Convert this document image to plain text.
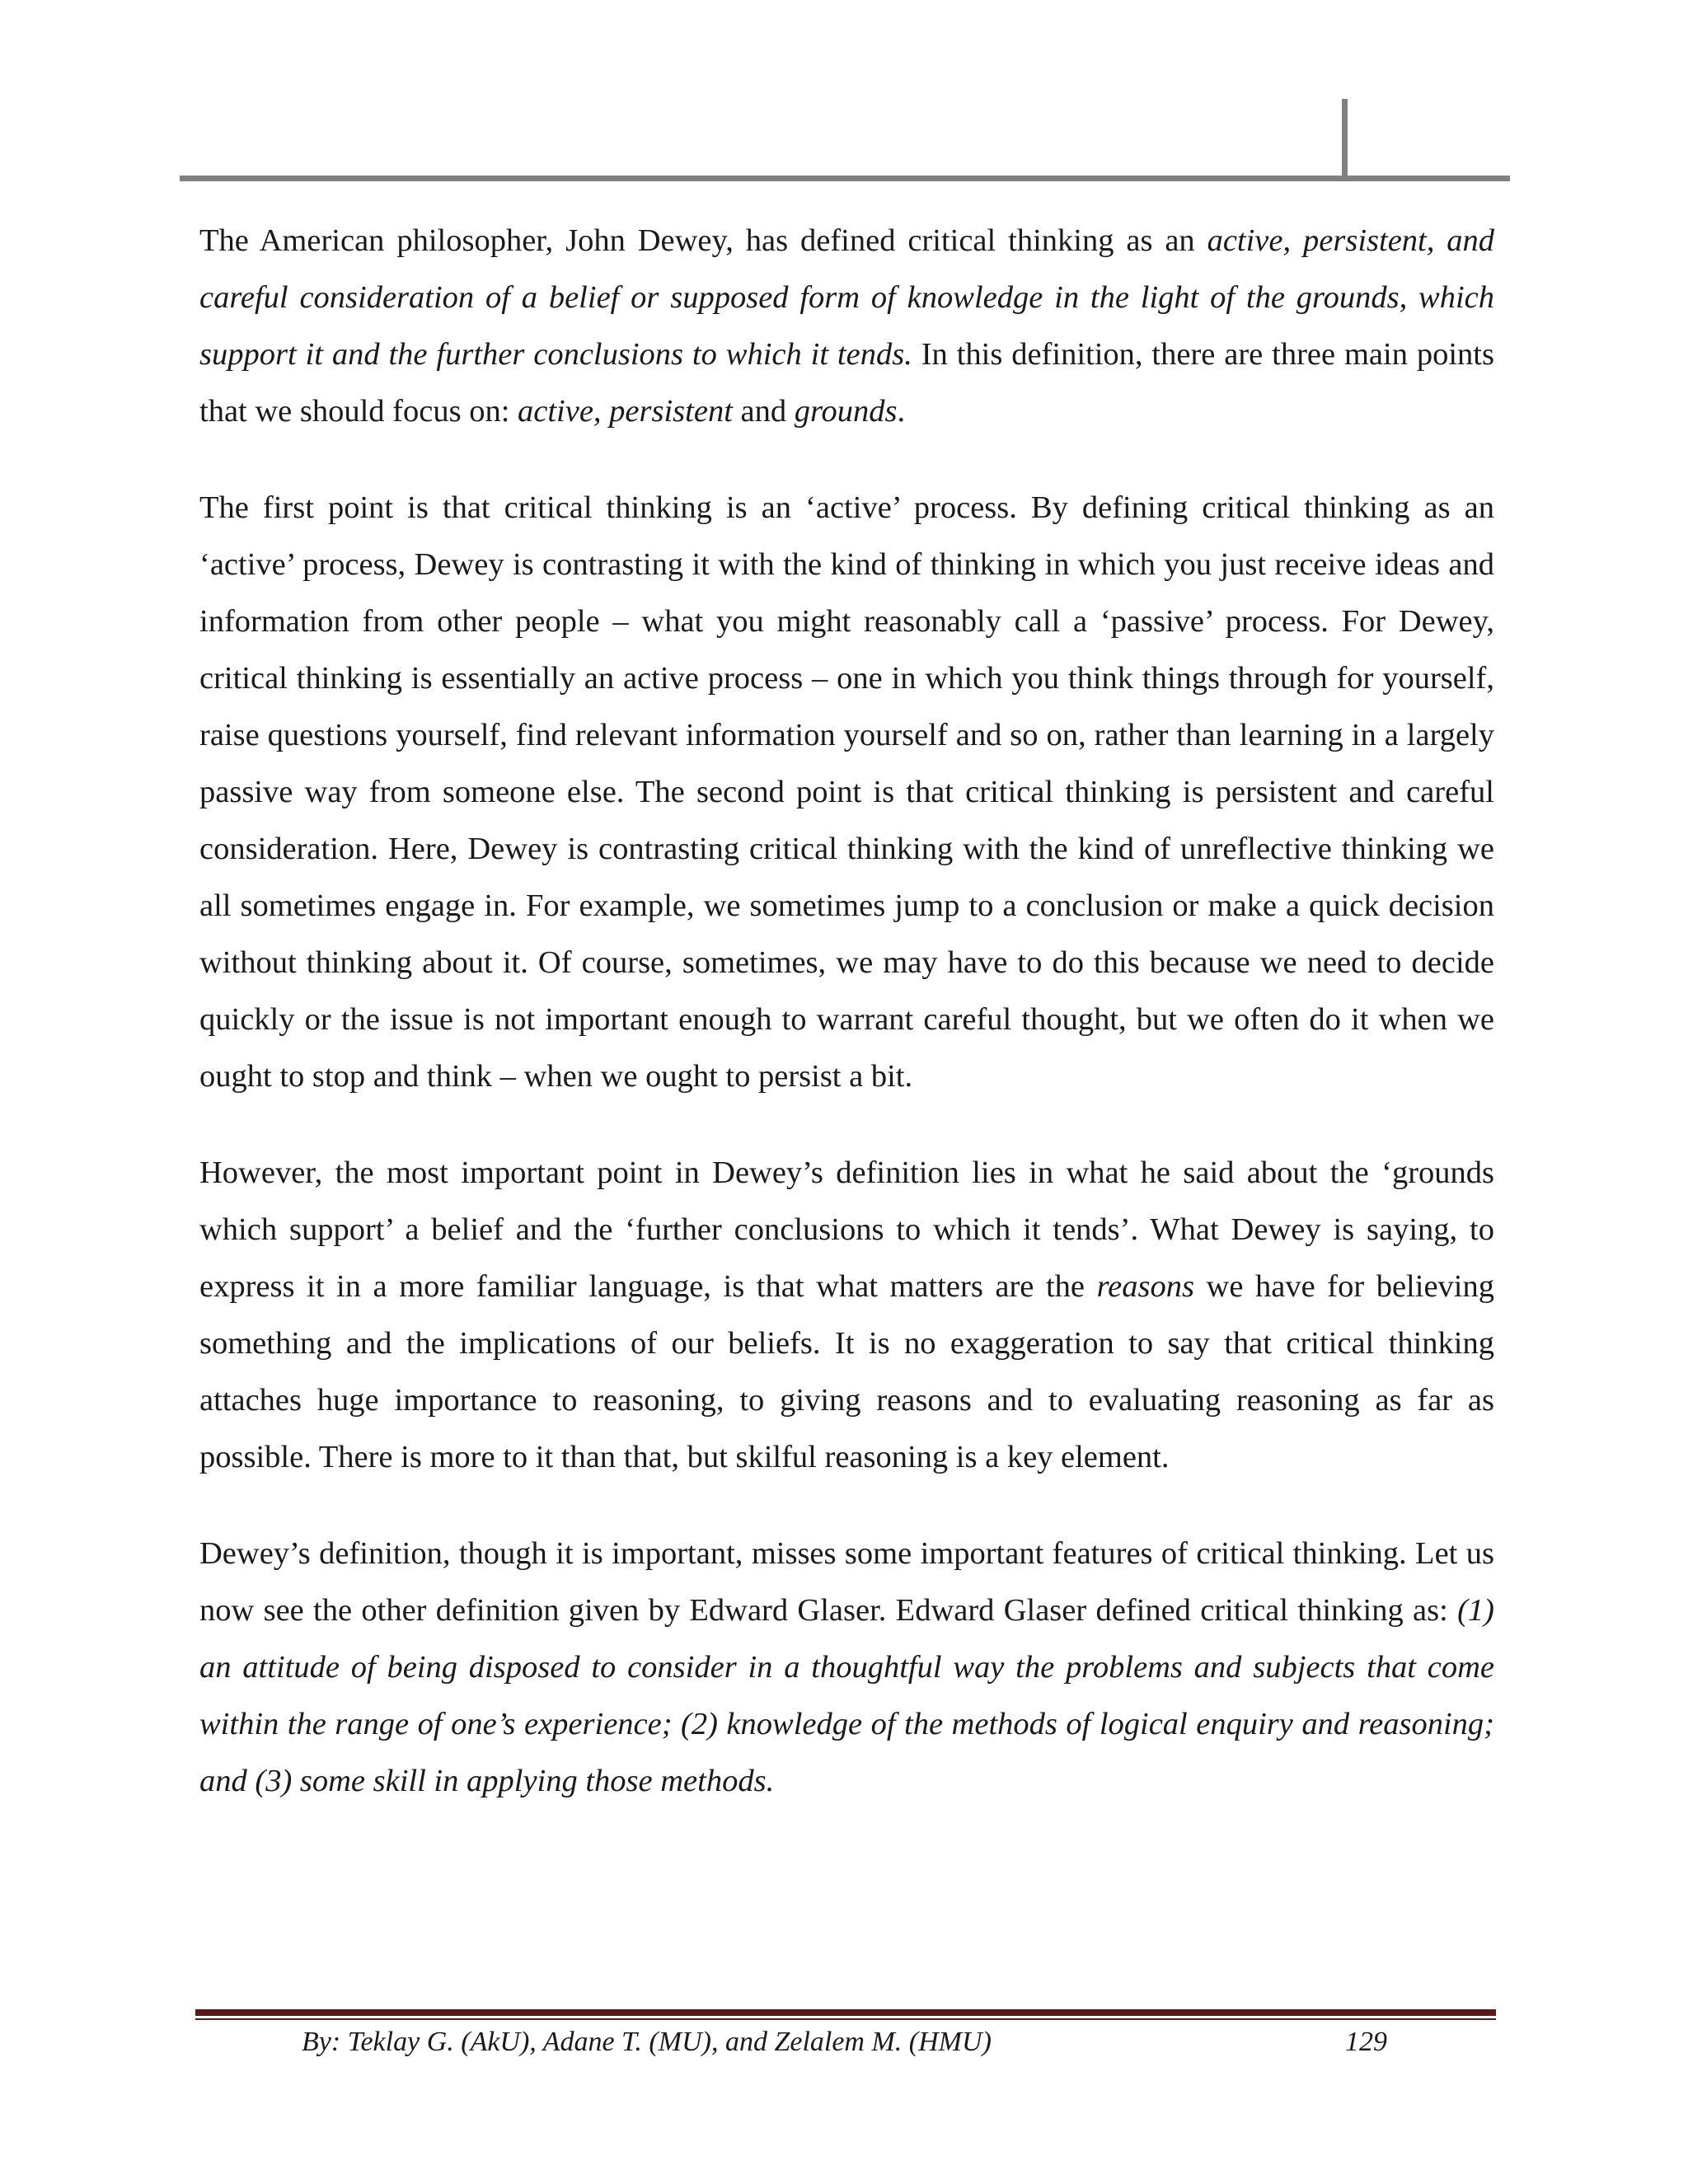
The American philosopher, John Dewey, has defined critical thinking as an active, persistent, and careful consideration of a belief or supposed form of knowledge in the light of the grounds, which support it and the further conclusions to which it tends. In this definition, there are three main points that we should focus on: active, persistent and grounds.

The first point is that critical thinking is an ‘active’ process. By defining critical thinking as an ‘active’ process, Dewey is contrasting it with the kind of thinking in which you just receive ideas and information from other people – what you might reasonably call a ‘passive’ process. For Dewey, critical thinking is essentially an active process – one in which you think things through for yourself, raise questions yourself, find relevant information yourself and so on, rather than learning in a largely passive way from someone else. The second point is that critical thinking is persistent and careful consideration. Here, Dewey is contrasting critical thinking with the kind of unreflective thinking we all sometimes engage in. For example, we sometimes jump to a conclusion or make a quick decision without thinking about it. Of course, sometimes, we may have to do this because we need to decide quickly or the issue is not important enough to warrant careful thought, but we often do it when we ought to stop and think – when we ought to persist a bit.

However, the most important point in Dewey’s definition lies in what he said about the ‘grounds which support’ a belief and the ‘further conclusions to which it tends’. What Dewey is saying, to express it in a more familiar language, is that what matters are the reasons we have for believing something and the implications of our beliefs. It is no exaggeration to say that critical thinking attaches huge importance to reasoning, to giving reasons and to evaluating reasoning as far as possible. There is more to it than that, but skilful reasoning is a key element.

Dewey’s definition, though it is important, misses some important features of critical thinking. Let us now see the other definition given by Edward Glaser. Edward Glaser defined critical thinking as: (1) an attitude of being disposed to consider in a thoughtful way the problems and subjects that come within the range of one’s experience; (2) knowledge of the methods of logical enquiry and reasoning; and (3) some skill in applying those methods.

By: Teklay G. (AkU), Adane T. (MU), and Zelalem M. (HMU)	129
